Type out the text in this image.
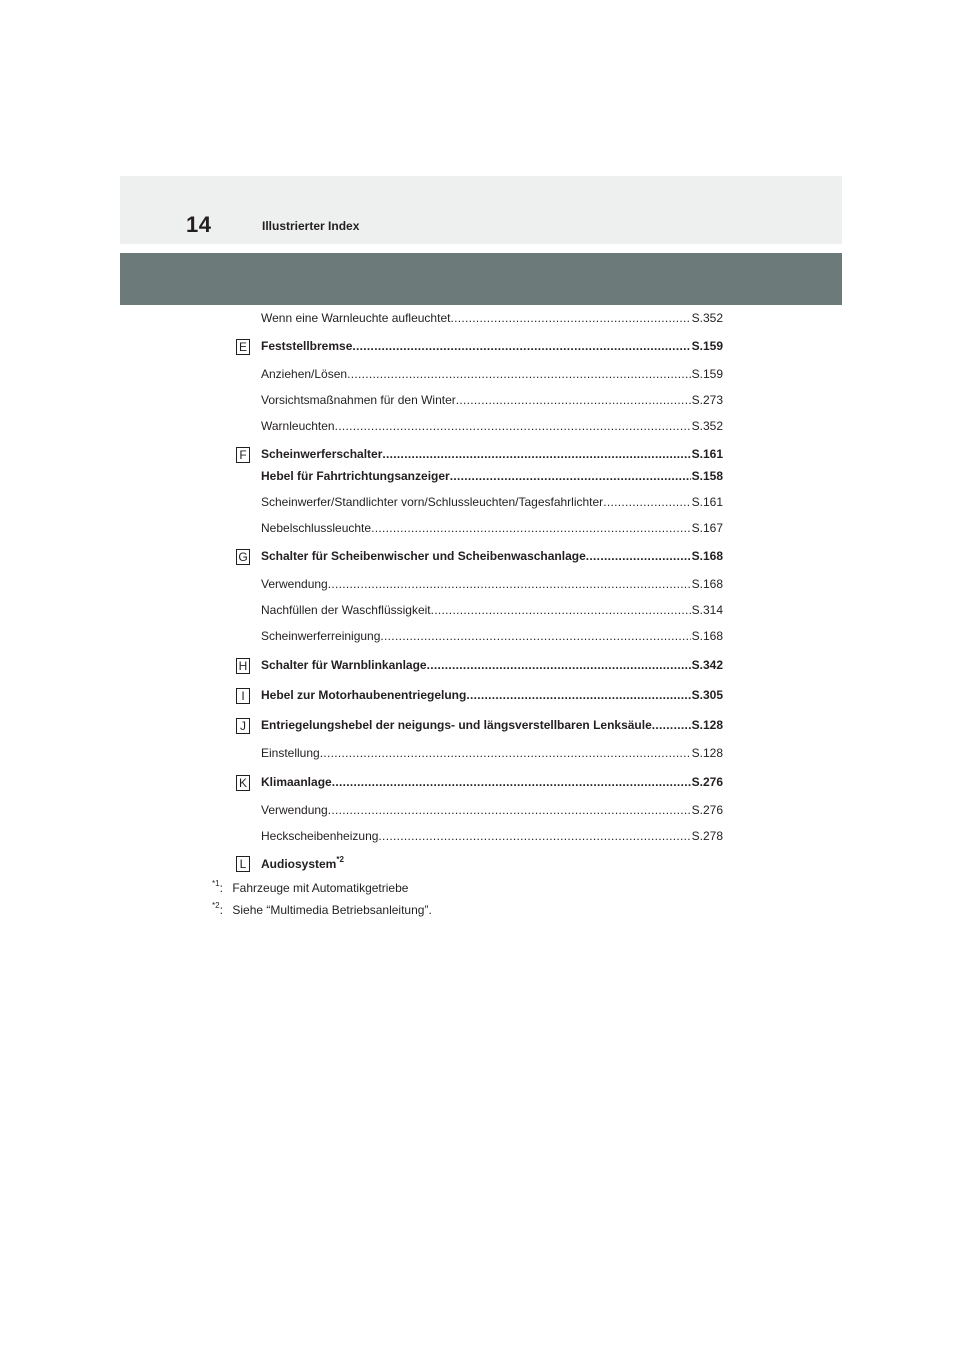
14	Illustrierter Index
Wenn eine Warnleuchte aufleuchtet .....	S.352
E Feststellbremse .....	S.159
Anziehen/Lösen .....	S.159
Vorsichtsmaßnahmen für den Winter .....	S.273
Warnleuchten .....	S.352
F Scheinwerferschalter .....	S.161
Hebel für Fahrtrichtungsanzeiger .....	S.158
Scheinwerfer/Standlichter vorn/Schlussleuchten/Tagesfahrlichter .....	S.161
Nebelschlussleuchte .....	S.167
G Schalter für Scheibenwischer und Scheibenwaschanlage .....	S.168
Verwendung .....	S.168
Nachfüllen der Waschflüssigkeit .....	S.314
Scheinwerferreinigung .....	S.168
H Schalter für Warnblinkanlage .....	S.342
I	Hebel zur Motorhaubenentriegelung .....	S.305
J	Entriegelungshebel der neigungs- und längsverstellbaren Lenksäule .....	S.128
Einstellung .....	S.128
K Klimaanlage .....	S.276
Verwendung .....	S.276
Heckscheibenheizung .....	S.278
L	Audiosystem$^{*2}$
$^{*1}$: Fahrzeuge mit Automatikgetriebe
$^{*2}$: Siehe “Multimedia Betriebsanleitung”.
